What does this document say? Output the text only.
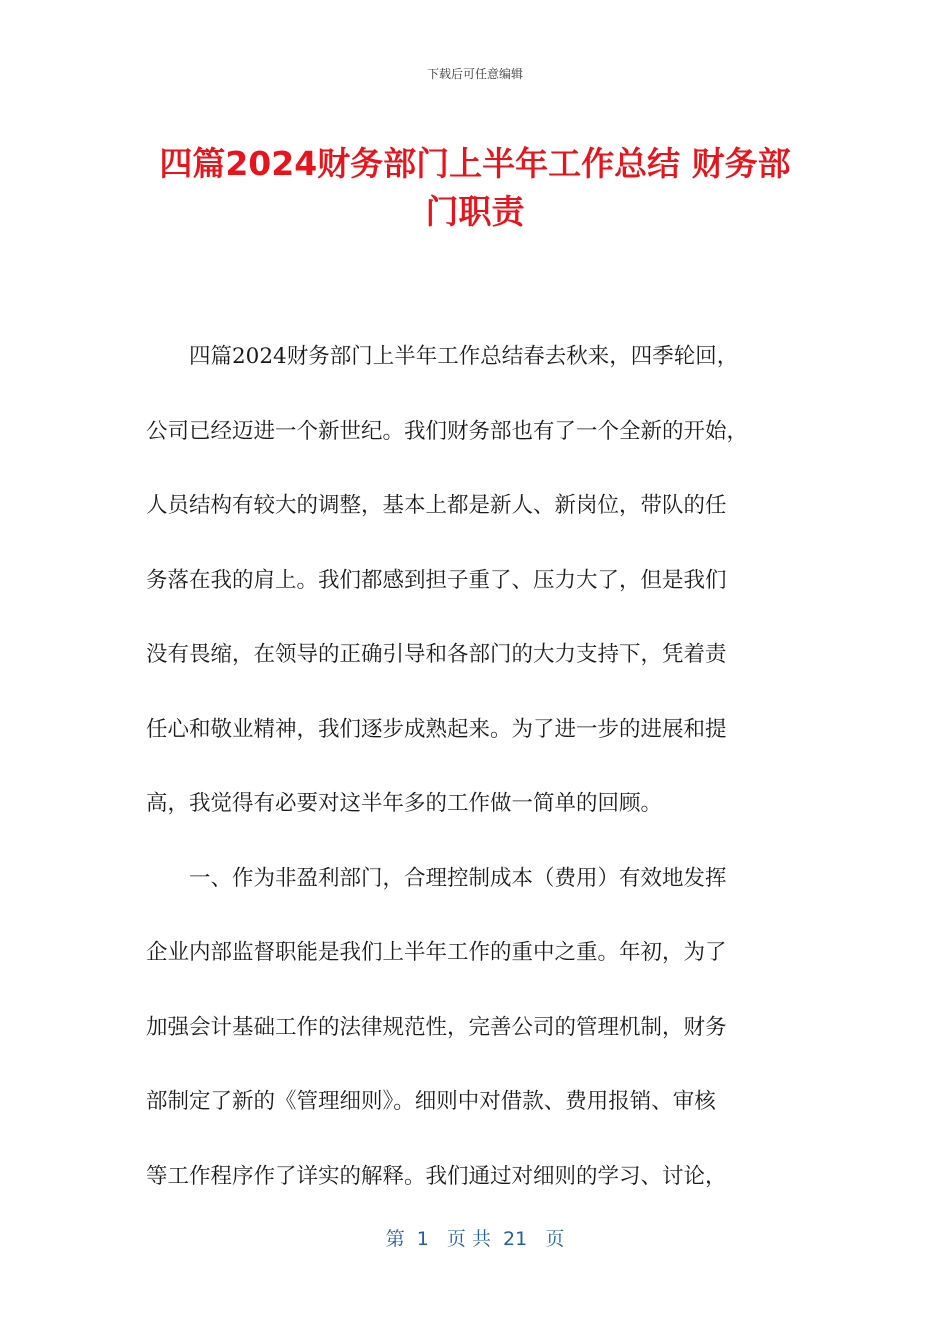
下载后可任意编辑
四篇2024财务部门上半年工作总结 财务部
门职责

四篇2024财务部门上半年工作总结春去秋来，四季轮回，
公司已经迈进一个新世纪。我们财务部也有了一个全新的开始，
人员结构有较大的调整，基本上都是新人、新岗位，带队的任
务落在我的肩上。我们都感到担子重了、压力大了，但是我们
没有畏缩，在领导的正确引导和各部门的大力支持下，凭着责
任心和敬业精神，我们逐步成熟起来。为了进一步的进展和提
高，我觉得有必要对这半年多的工作做一简单的回顾。

一、作为非盈利部门，合理控制成本（费用）有效地发挥
企业内部监督职能是我们上半年工作的重中之重。年初，为了
加强会计基础工作的法律规范性，完善公司的管理机制，财务
部制定了新的《管理细则》。细则中对借款、费用报销、审核
等工作程序作了详实的解释。我们通过对细则的学习、讨论，

第  1   页 共  21   页
